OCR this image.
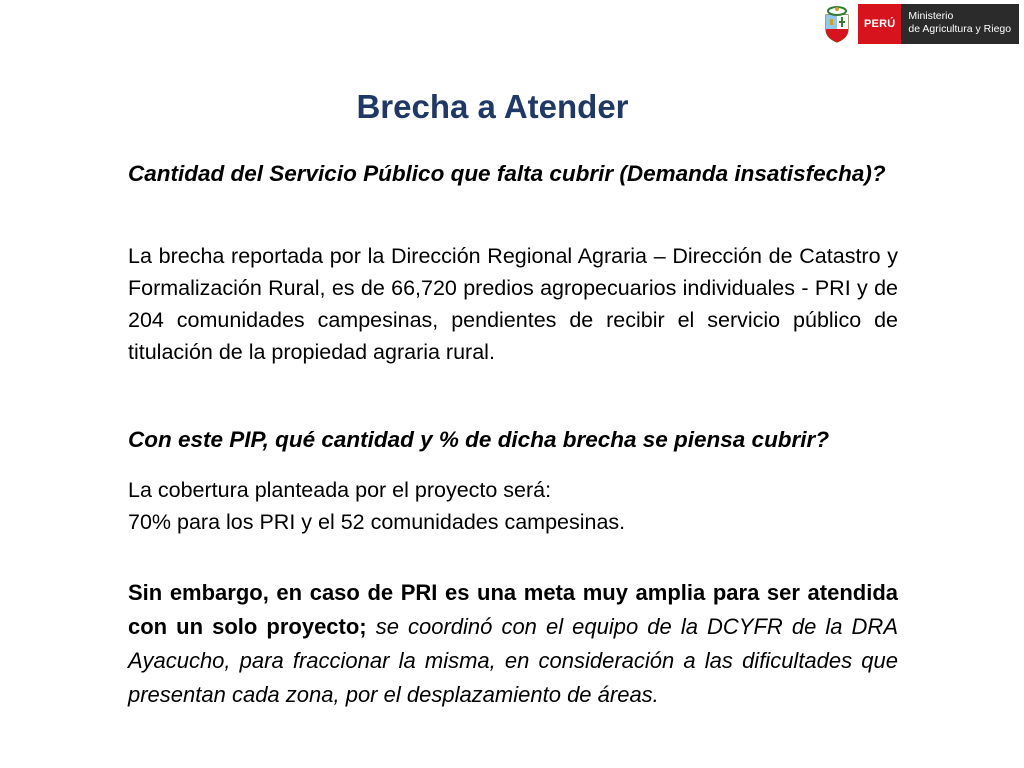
PERÚ
Ministerio
de Agricultura y Riego
Brecha a Atender

Cantidad del Servicio Público que falta cubrir (Demanda insatisfecha)?

La brecha reportada por la Dirección Regional Agraria – Dirección de Catastro y Formalización Rural, es de 66,720 predios agropecuarios individuales - PRI y de 204 comunidades campesinas, pendientes de recibir el servicio público de titulación de la propiedad agraria rural.

Con este PIP, qué cantidad y % de dicha brecha se piensa cubrir?

La cobertura planteada por el proyecto será:
70% para los PRI y el 52 comunidades campesinas.

Sin embargo, en caso de PRI es una meta muy amplia para ser atendida con un solo proyecto; se coordinó con el equipo de la DCYFR de la DRA Ayacucho, para fraccionar la misma, en consideración a las dificultades que presentan cada zona, por el desplazamiento de áreas.
